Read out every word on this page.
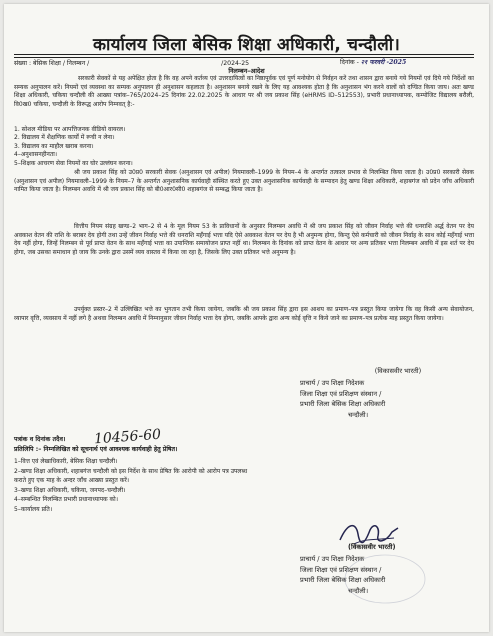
कार्यालय जिला बेसिक शिक्षा अधिकारी, चन्दौली।
संख्या : बेसिक शिक्षा / निलम्बन /	/2024-25	दिनांक - २१ फरवरी -2025
निलम्बन–आदेश
सरकारी सेवकों से यह अपेक्षित होता है कि वह अपने कर्तव्य एवं उत्तरदायित्वों का निष्ठापूर्वक एवं पूर्ण मनोयोग से निर्वहन करें तथा शासन द्वारा बनाये गये नियमों एवं दिये गये निर्देशों का सम्यक अनुपालन करें। नियमों एवं व्यवस्था का सम्यक अनुपालन ही अनुशासन कहलाता है। अनुशासन बनाये रखने के लिए यह आवश्यक होता है कि अनुशासन भंग करने वालों को दण्डित किया जाय। अतः खण्ड शिक्षा अधिकारी, चकिया चन्दौली की आख्या पत्रांक–765/2024–25 दिनांक 22.02.2025 के आधार पर श्री जय प्रकाश सिंह (eHRMS ID–512553), प्रभारी प्रधानाध्यापक, कम्पोजिट विद्यालय बरौली, वि0ख0 चकिया, चन्दौली के विरूद्ध आरोप निम्नवत् है:-
1. सोशल मीडिया पर आपत्तिजनक वीडियो वायरल।
2. विद्यालय में शैक्षणिक कार्यों में रूची न लेना।
3. विद्यालय का माहौल खराब करना।
4–अनुशासनहीनता।
5–शिक्षक आचरण सेवा नियमों का घोर उल्लंघन करना।
श्री जय प्रकाश सिंह को उ0प्र0 सरकारी सेवक (अनुशासन एवं अपील) नियमावली–1999 के नियम–4 के अन्तर्गत तत्काल प्रभाव से निलम्बित किया जाता है। उ0प्र0 सरकारी सेवक (अनुशासन एवं अपील) नियमावली–1999 के नियम–7 के अन्तर्गत अनुशासनिक कार्यवाही संस्थित करते हुए उक्त अनुशासनिक कार्यवाही के सम्पादन हेतु खण्ड शिक्षा अधिकारी, शहाबगंज को प्रदेन जाँच अधिकारी नामित किया जाता है। निलम्बन अवधि में श्री जय प्रकाश सिंह को बी0आर0सी0 शहाबगंज से सम्बद्ध किया जाता है।
वित्तीय नियम संग्रह खण्ड–2 भाग–2 से 4 के मूल नियम 53 के प्राविधानों के अनुसार निलम्बन अवधि में श्री जय प्रकाश सिंह को जीवन निर्वाह भत्ते की धनराशि अर्द्ध वेतन पर देय अवकाश वेतन की राशि के बराबर देय होगी तथा उन्हें जीवन निर्वाह भत्ते की धनराशि महँगाई भत्ता यदि ऐसे अवकाश वेतन पर देय है भी अनुमन्य होगा, किन्तु ऐसे कर्मचारी को जीवन निर्वाह के साथ कोई महँगाई भत्ता देय नहीं होगा, जिन्हें निलम्बन से पूर्व प्राप्त वेतन के साथ महँगाई भत्ता का उपान्तिक समायोजन प्राप्त नहीं था। निलम्बन के दिनांक को प्राप्त वेतन के आधार पर अन्य प्रतिकर भत्ता निलम्बन अवधि में इस शर्त पर देय होगा, जब उसका समाधान हो जाय कि उनके द्वारा उसमें व्यय वास्तव में किया जा रहा है, जिसके लिए उक्त प्रतिकर भत्ते अनुमन्य है।
उपर्युक्त प्रस्तर–2 में उल्लिखित भत्ते का भुगतान तभी किया जायेगा, जबकि श्री जय प्रकाश सिंह द्वारा इस आशय का प्रमाण–पत्र प्रस्तुत किया जायेगा कि वह किसी अन्य सेवायोजन, व्यापार वृत्ति, व्यवसाय में नहीं लगे है अथवा निलम्बन अवधि में निम्नानुसार जीवन निर्वाह भत्ता देय होगा, जबकि आपके द्वारा अन्य कोई वृत्ति न किये जाने का प्रमाण–पत्र प्रत्येक माह प्रस्तुत किया जायेगा।
(विकासवीर भारती)
प्राचार्य / उप शिक्षा निदेशक
जिला शिक्षा एवं प्रशिक्षण संस्थान /
प्रभारी जिला बेसिक शिक्षा अधिकारी
चन्दौली।
पत्रांक व दिनांक तदैव। 10456-60
प्रतिलिपि :– निम्नलिखित को सूचनार्थ एवं आवश्यक कार्यवाही हेतु प्रेषित।
1–वित्त एवं लेखाधिकारी, बेसिक शिक्षा चन्दौली।
2–खण्ड शिक्षा अधिकारी, शहाबगंज चन्दौली को इस निर्देश के साथ प्रेषित कि आरोपी को आरोप पत्र उपलब्ध
कराते हुए एक माह के अन्दर जाँच आख्या प्रस्तुत करें।
3–खण्ड शिक्षा अधिकारी, चकिया, जनपद–चन्दौली।
4–सम्बन्धित निलम्बित प्रभारी प्रधानाध्यापक को।
5–कार्यालय प्रति।
(विकासवीर भारती)
प्राचार्य / उप शिक्षा निदेशक
जिला शिक्षा एवं प्रशिक्षण संस्थान /
प्रभारी जिला बेसिक शिक्षा अधिकारी
चन्दौली।
